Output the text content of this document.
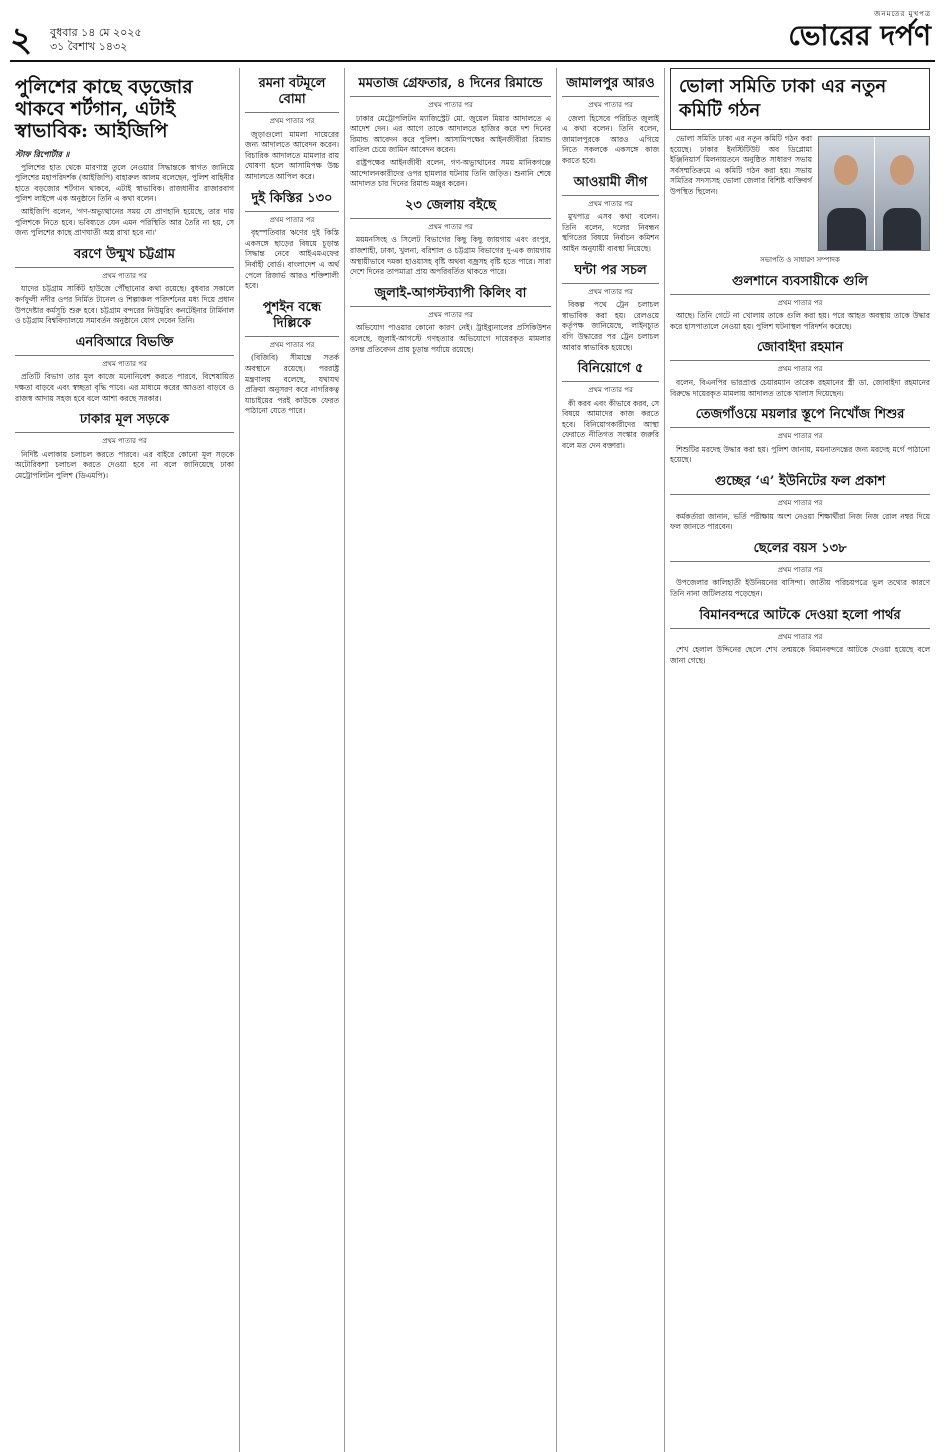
২	বুধবার ১৪ মে ২০২৫
৩১ বৈশাখ ১৪৩২
জনমতের মুখপত্র
ভোরের দর্পণ
পুলিশের কাছে বড়জোর থাকবে শর্টগান, এটাই স্বাভাবিক: আইজিপি
স্টাফ রিপোর্টার ॥

পুলিশের হাত থেকে মারণাস্ত্র তুলে নেওয়ার সিদ্ধান্তকে স্বাগত জানিয়ে পুলিশের মহাপরিদর্শক (আইজিপি) বাহারুল আলম বলেছেন, পুলিশ বাহিনীর হাতে বড়জোর শর্টগান থাকবে, এটাই স্বাভাবিক। রাজধানীর রাজারবাগ পুলিশ লাইন্সে এক অনুষ্ঠানে তিনি এ কথা বলেন।

আইজিপি বলেন, 'গণ-অভ্যুত্থানের সময় যে প্রাণহানি হয়েছে, তার দায় পুলিশকে নিতে হবে। ভবিষ্যতে যেন এমন পরিস্থিতি আর তৈরি না হয়, সে জন্য পুলিশের কাছে প্রাণঘাতী অস্ত্র রাখা হবে না।'

বরণে উন্মুখ চট্টগ্রাম
প্রথম পাতার পর

যাদের চট্টগ্রাম সার্কিট হাউজে পৌঁছানোর কথা রয়েছে। বুধবার সকালে কর্ণফুলী নদীর ওপর নির্মিত টানেল ও শিল্পাঞ্চল পরিদর্শনের মধ্য দিয়ে প্রধান উপদেষ্টার কর্মসূচি শুরু হবে। চট্টগ্রাম বন্দরের নিউমুরিং কনটেইনার টার্মিনাল ও চট্টগ্রাম বিশ্ববিদ্যালয়ে সমাবর্তন অনুষ্ঠানে যোগ দেবেন তিনি।

এনবিআরে বিভক্তি
প্রথম পাতার পর

প্রতিটি বিভাগ তার মূল কাজে মনোনিবেশ করতে পারবে, বিশেষায়িত দক্ষতা বাড়বে এবং স্বচ্ছতা বৃদ্ধি পাবে। এর মাধ্যমে করের আওতা বাড়বে ও রাজস্ব আদায় সহজ হবে বলে আশা করছে সরকার।

ঢাকার মূল সড়কে
প্রথম পাতার পর

নির্দিষ্ট এলাকায় চলাচল করতে পারবে। এর বাইরে কোনো মূল সড়কে অটোরিকশা চলাচল করতে দেওয়া হবে না বলে জানিয়েছে ঢাকা মেট্রোপলিটন পুলিশ (ডিএমপি)।

রমনা বটমূলে বোমা
প্রথম পাতার পর

জুড়াগুলো মামলা দায়েরের জন্য আদালতে আবেদন করেন। বিচারিক আদালতে মামলার রায় ঘোষণা হলে আসামিপক্ষ উচ্চ আদালতে আপিল করে।

দুই কিস্তির ১৩০
প্রথম পাতার পর

বৃহস্পতিবার ঋণের দুই কিস্তি একসঙ্গে ছাড়ের বিষয়ে চূড়ান্ত সিদ্ধান্ত নেবে আইএমএফের নির্বাহী বোর্ড। বাংলাদেশ এ অর্থ পেলে রিজার্ভ আরও শক্তিশালী হবে।

পুশইন বন্ধে দিল্লিকে
প্রথম পাতার পর

(বিজিবি) সীমান্তে সতর্ক অবস্থানে রয়েছে। পররাষ্ট্র মন্ত্রণালয় বলেছে, যথাযথ প্রক্রিয়া অনুসরণ করে নাগরিকত্ব যাচাইয়ের পরই কাউকে ফেরত পাঠানো যেতে পারে।

মমতাজ গ্রেফতার, ৪ দিনের রিমান্ডে
প্রথম পাতার পর

ঢাকার মেট্রোপলিটন ম্যাজিস্ট্রেট মো. জুয়েল মিয়ার আদালতে এ আদেশ দেন। এর আগে তাকে আদালতে হাজির করে দশ দিনের রিমান্ড আবেদন করে পুলিশ। আসামিপক্ষের আইনজীবীরা রিমান্ড বাতিল চেয়ে জামিন আবেদন করেন।

রাষ্ট্রপক্ষের আইনজীবী বলেন, গণ-অভ্যুত্থানের সময় মানিকগঞ্জে আন্দোলনকারীদের ওপর হামলার ঘটনায় তিনি জড়িত। শুনানি শেষে আদালত চার দিনের রিমান্ড মঞ্জুর করেন।

২৩ জেলায় বইছে
প্রথম পাতার পর

ময়মনসিংহ ও সিলেট বিভাগের কিছু কিছু জায়গায় এবং রংপুর, রাজশাহী, ঢাকা, খুলনা, বরিশাল ও চট্টগ্রাম বিভাগের দু-এক জায়গায় অস্থায়ীভাবে দমকা হাওয়াসহ বৃষ্টি অথবা বজ্রসহ বৃষ্টি হতে পারে। সারা দেশে দিনের তাপমাত্রা প্রায় অপরিবর্তিত থাকতে পারে।

জুলাই-আগস্টব্যাপী কিলিং বা
প্রথম পাতার পর

অভিযোগ পাওয়ার কোনো কারণ নেই। ট্রাইব্যুনালের প্রসিকিউশন বলেছে, জুলাই-আগস্টে গণহত্যার অভিযোগে দায়েরকৃত মামলার তদন্ত প্রতিবেদন প্রায় চূড়ান্ত পর্যায়ে রয়েছে।

জামালপুর আরও
প্রথম পাতার পর

জেলা হিসেবে পরিচিত জুলাই এ কথা বলেন। তিনি বলেন, জামালপুরকে আরও এগিয়ে নিতে সকলকে একসঙ্গে কাজ করতে হবে।

আওয়ামী লীগ
প্রথম পাতার পর

মুখপাত্র এসব কথা বলেন। তিনি বলেন, দলের নিবন্ধন স্থগিতের বিষয়ে নির্বাচন কমিশন আইন অনুযায়ী ব্যবস্থা নিয়েছে।

ঘন্টা পর সচল
প্রথম পাতার পর

বিকল্প পথে ট্রেন চলাচল স্বাভাবিক করা হয়। রেলওয়ে কর্তৃপক্ষ জানিয়েছে, লাইনচ্যুত বগি উদ্ধারের পর ট্রেন চলাচল আবার স্বাভাবিক হয়েছে।

বিনিয়োগে ৫
প্রথম পাতার পর

কী করব এবং কীভাবে করব, সে বিষয়ে আমাদের কাজ করতে হবে। বিনিয়োগকারীদের আস্থা ফেরাতে নীতিগত সংস্কার জরুরি বলে মত দেন বক্তারা।

ভোলা সমিতি ঢাকা এর নতুন কমিটি গঠন

ভোলা সমিতি ঢাকা এর নতুন কমিটি গঠন করা হয়েছে। ঢাকার ইনস্টিটিউট অব ডিপ্লোমা ইঞ্জিনিয়ার্স মিলনায়তনে অনুষ্ঠিত সাধারণ সভায় সর্বসম্মতিক্রমে এ কমিটি গঠন করা হয়। সভায় সমিতির সদস্যসহ ভোলা জেলার বিশিষ্ট ব্যক্তিবর্গ উপস্থিত ছিলেন।

সভাপতি ও সাধারণ সম্পাদক
গুলশানে ব্যবসায়ীকে গুলি
প্রথম পাতার পর

আছে। তিনি গেটে না খোলায় তাকে গুলি করা হয়। পরে আহত অবস্থায় তাকে উদ্ধার করে হাসপাতালে নেওয়া হয়। পুলিশ ঘটনাস্থল পরিদর্শন করেছে।

জোবাইদা রহমান
প্রথম পাতার পর

বলেন, বিএনপির ভারপ্রাপ্ত চেয়ারম্যান তারেক রহমানের স্ত্রী ডা. জোবাইদা রহমানের বিরুদ্ধে দায়েরকৃত মামলায় আদালত তাকে খালাস দিয়েছেন।

তেজগাঁওয়ে ময়লার স্তূপে নিখোঁজ শিশুর
প্রথম পাতার পর

শিশুটির মরদেহ উদ্ধার করা হয়। পুলিশ জানায়, ময়নাতদন্তের জন্য মরদেহ মর্গে পাঠানো হয়েছে।

গুচ্ছের ‘এ’ ইউনিটের ফল প্রকাশ
প্রথম পাতার পর

কর্মকর্তারা জানান, ভর্তি পরীক্ষায় অংশ নেওয়া শিক্ষার্থীরা নিজ নিজ রোল নম্বর দিয়ে ফল জানতে পারবেন।

ছেলের বয়স ১৩৮
প্রথম পাতার পর

উপজেলার কালিহাতী ইউনিয়নের বাসিন্দা। জাতীয় পরিচয়পত্রে ভুল তথ্যের কারণে তিনি নানা জটিলতায় পড়েছেন।

বিমানবন্দরে আটকে দেওয়া হলো পার্থর
প্রথম পাতার পর

শেখ হেলাল উদ্দিনের ছেলে শেখ তন্ময়কে বিমানবন্দরে আটকে দেওয়া হয়েছে বলে জানা গেছে।
